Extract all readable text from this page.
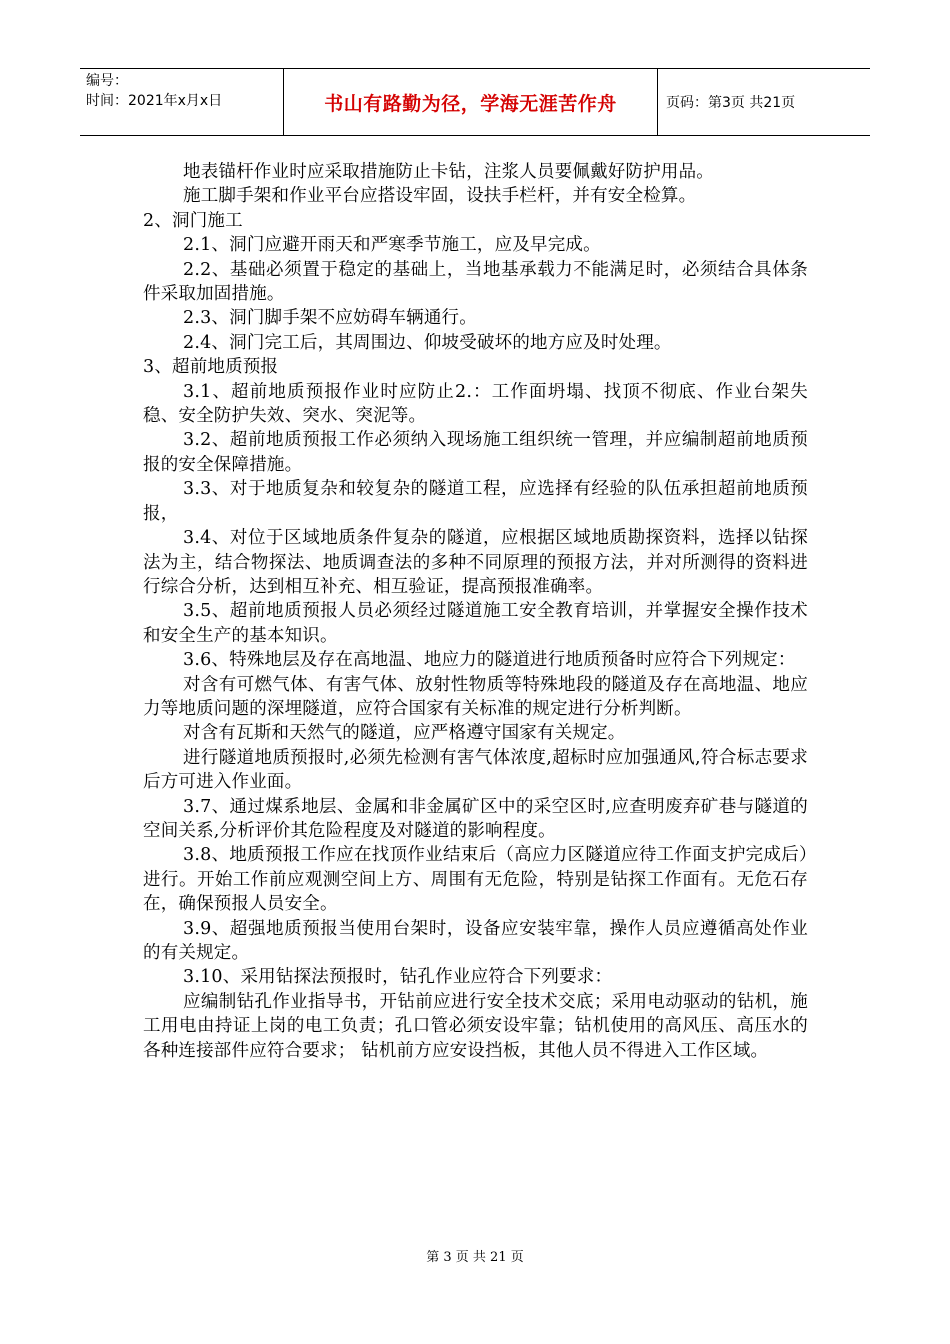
编号：
时间：2021年x月x日	书山有路勤为径，学海无涯苦作舟	页码：第3页 共21页

地表锚杆作业时应采取措施防止卡钻，注浆人员要佩戴好防护用品。

施工脚手架和作业平台应搭设牢固，设扶手栏杆，并有安全检算。

2、洞门施工

2.1、洞门应避开雨天和严寒季节施工，应及早完成。

2.2、基础必须置于稳定的基础上，当地基承载力不能满足时，必须结合具体条件采取加固措施。

2.3、洞门脚手架不应妨碍车辆通行。

2.4、洞门完工后，其周围边、仰坡受破坏的地方应及时处理。

3、超前地质预报

3.1、超前地质预报作业时应防止2.：工作面坍塌、找顶不彻底、作业台架失稳、安全防护失效、突水、突泥等。

3.2、超前地质预报工作必须纳入现场施工组织统一管理，并应编制超前地质预报的安全保障措施。

3.3、对于地质复杂和较复杂的隧道工程，应选择有经验的队伍承担超前地质预报，

3.4、对位于区域地质条件复杂的隧道，应根据区域地质勘探资料，选择以钻探法为主，结合物探法、地质调查法的多种不同原理的预报方法，并对所测得的资料进行综合分析，达到相互补充、相互验证，提高预报准确率。

3.5、超前地质预报人员必须经过隧道施工安全教育培训，并掌握安全操作技术和安全生产的基本知识。

3.6、特殊地层及存在高地温、地应力的隧道进行地质预备时应符合下列规定：

对含有可燃气体、有害气体、放射性物质等特殊地段的隧道及存在高地温、地应力等地质问题的深埋隧道，应符合国家有关标准的规定进行分析判断。

对含有瓦斯和天然气的隧道，应严格遵守国家有关规定。

进行隧道地质预报时,必须先检测有害气体浓度,超标时应加强通风,符合标志要求后方可进入作业面。

3.7、通过煤系地层、金属和非金属矿区中的采空区时,应查明废弃矿巷与隧道的空间关系,分析评价其危险程度及对隧道的影响程度。

3.8、地质预报工作应在找顶作业结束后（高应力区隧道应待工作面支护完成后）进行。开始工作前应观测空间上方、周围有无危险，特别是钻探工作面有。无危石存在，确保预报人员安全。

3.9、超强地质预报当使用台架时，设备应安装牢靠，操作人员应遵循高处作业的有关规定。

3.10、采用钻探法预报时，钻孔作业应符合下列要求：

应编制钻孔作业指导书，开钻前应进行安全技术交底；采用电动驱动的钻机，施工用电由持证上岗的电工负责；孔口管必须安设牢靠；钻机使用的高风压、高压水的各种连接部件应符合要求； 钻机前方应安设挡板，其他人员不得进入工作区域。

第 3 页 共 21 页
